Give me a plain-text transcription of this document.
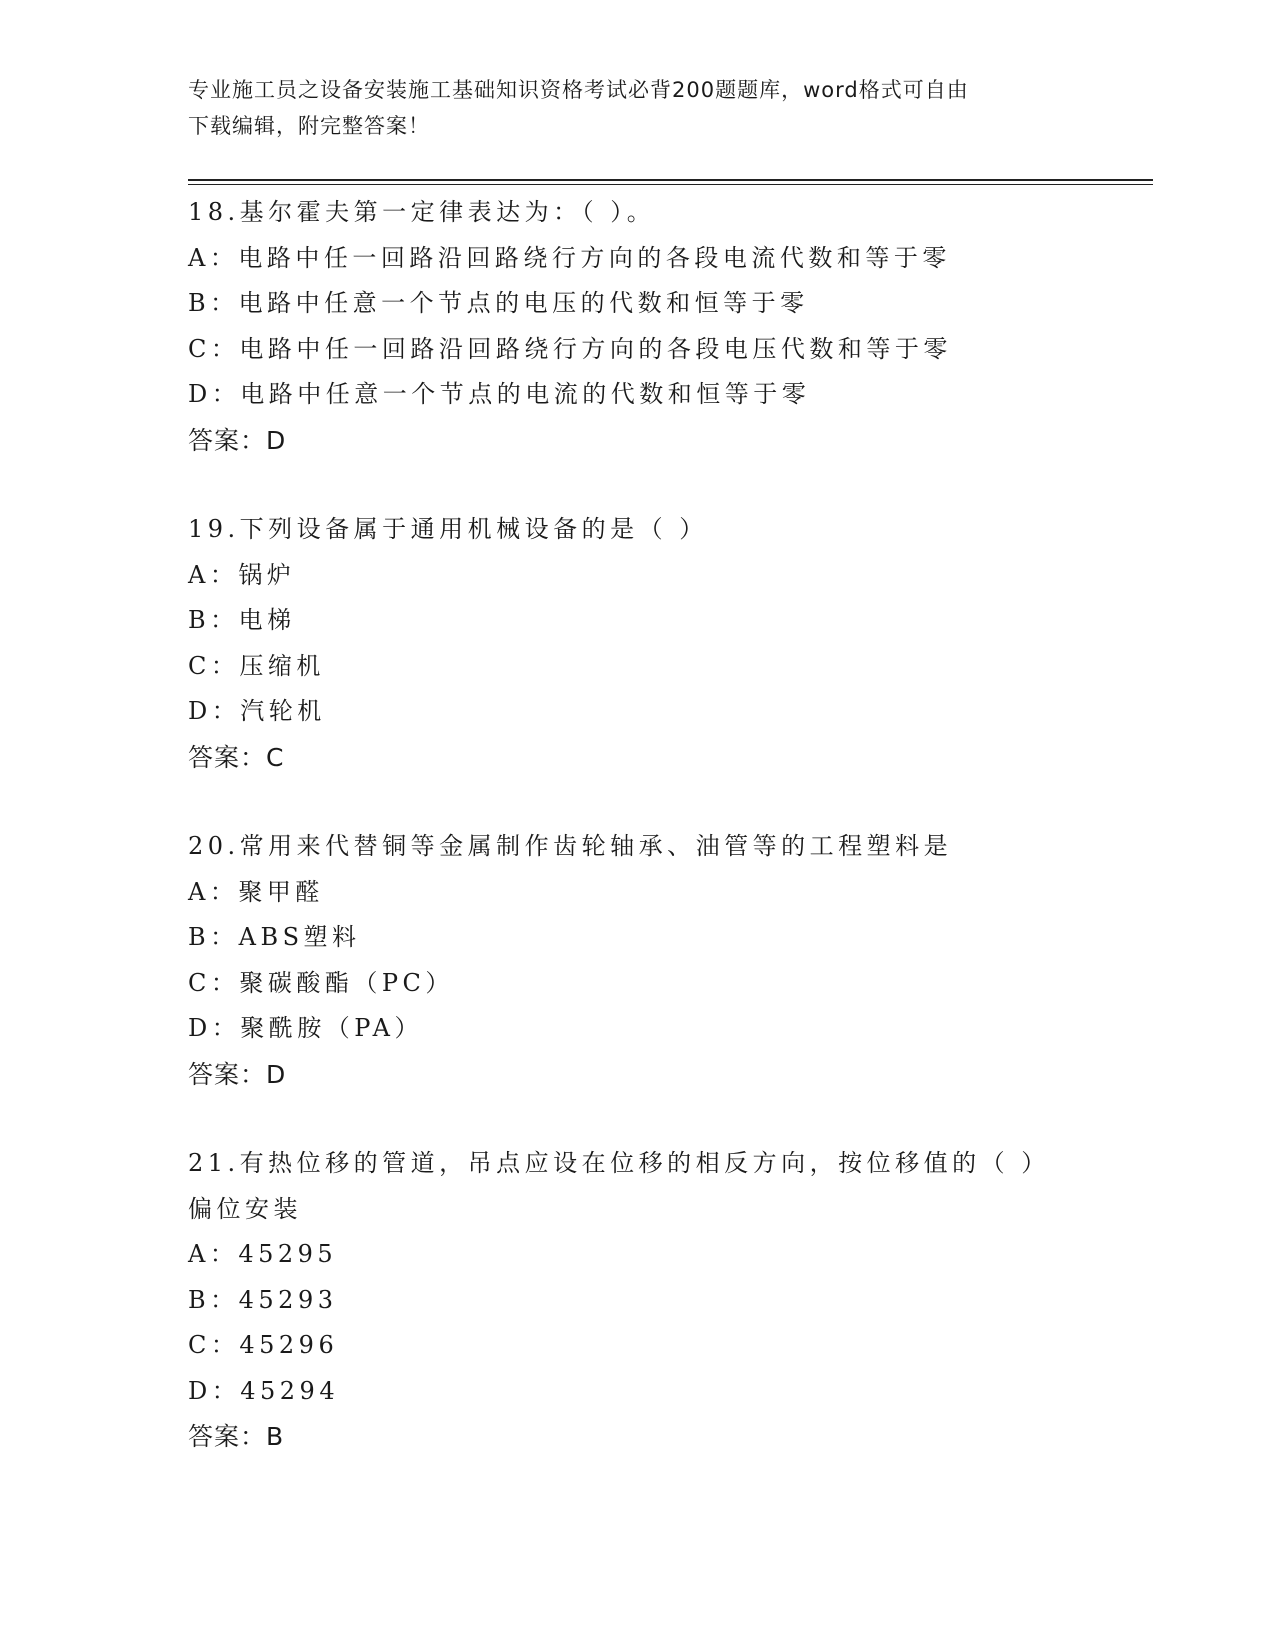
专业施工员之设备安装施工基础知识资格考试必背200题题库，word格式可自由
下载编辑，附完整答案！
18.基尔霍夫第一定律表达为：（ ）。
A：电路中任一回路沿回路绕行方向的各段电流代数和等于零
B：电路中任意一个节点的电压的代数和恒等于零
C：电路中任一回路沿回路绕行方向的各段电压代数和等于零
D：电路中任意一个节点的电流的代数和恒等于零
答案：D
19.下列设备属于通用机械设备的是（ ）
A：锅炉
B：电梯
C：压缩机
D：汽轮机
答案：C
20.常用来代替铜等金属制作齿轮轴承、油管等的工程塑料是
A：聚甲醛
B：ABS塑料
C：聚碳酸酯（PC）
D：聚酰胺（PA）
答案：D
21.有热位移的管道，吊点应设在位移的相反方向，按位移值的（ ）
偏位安装
A：45295
B：45293
C：45296
D：45294
答案：B
